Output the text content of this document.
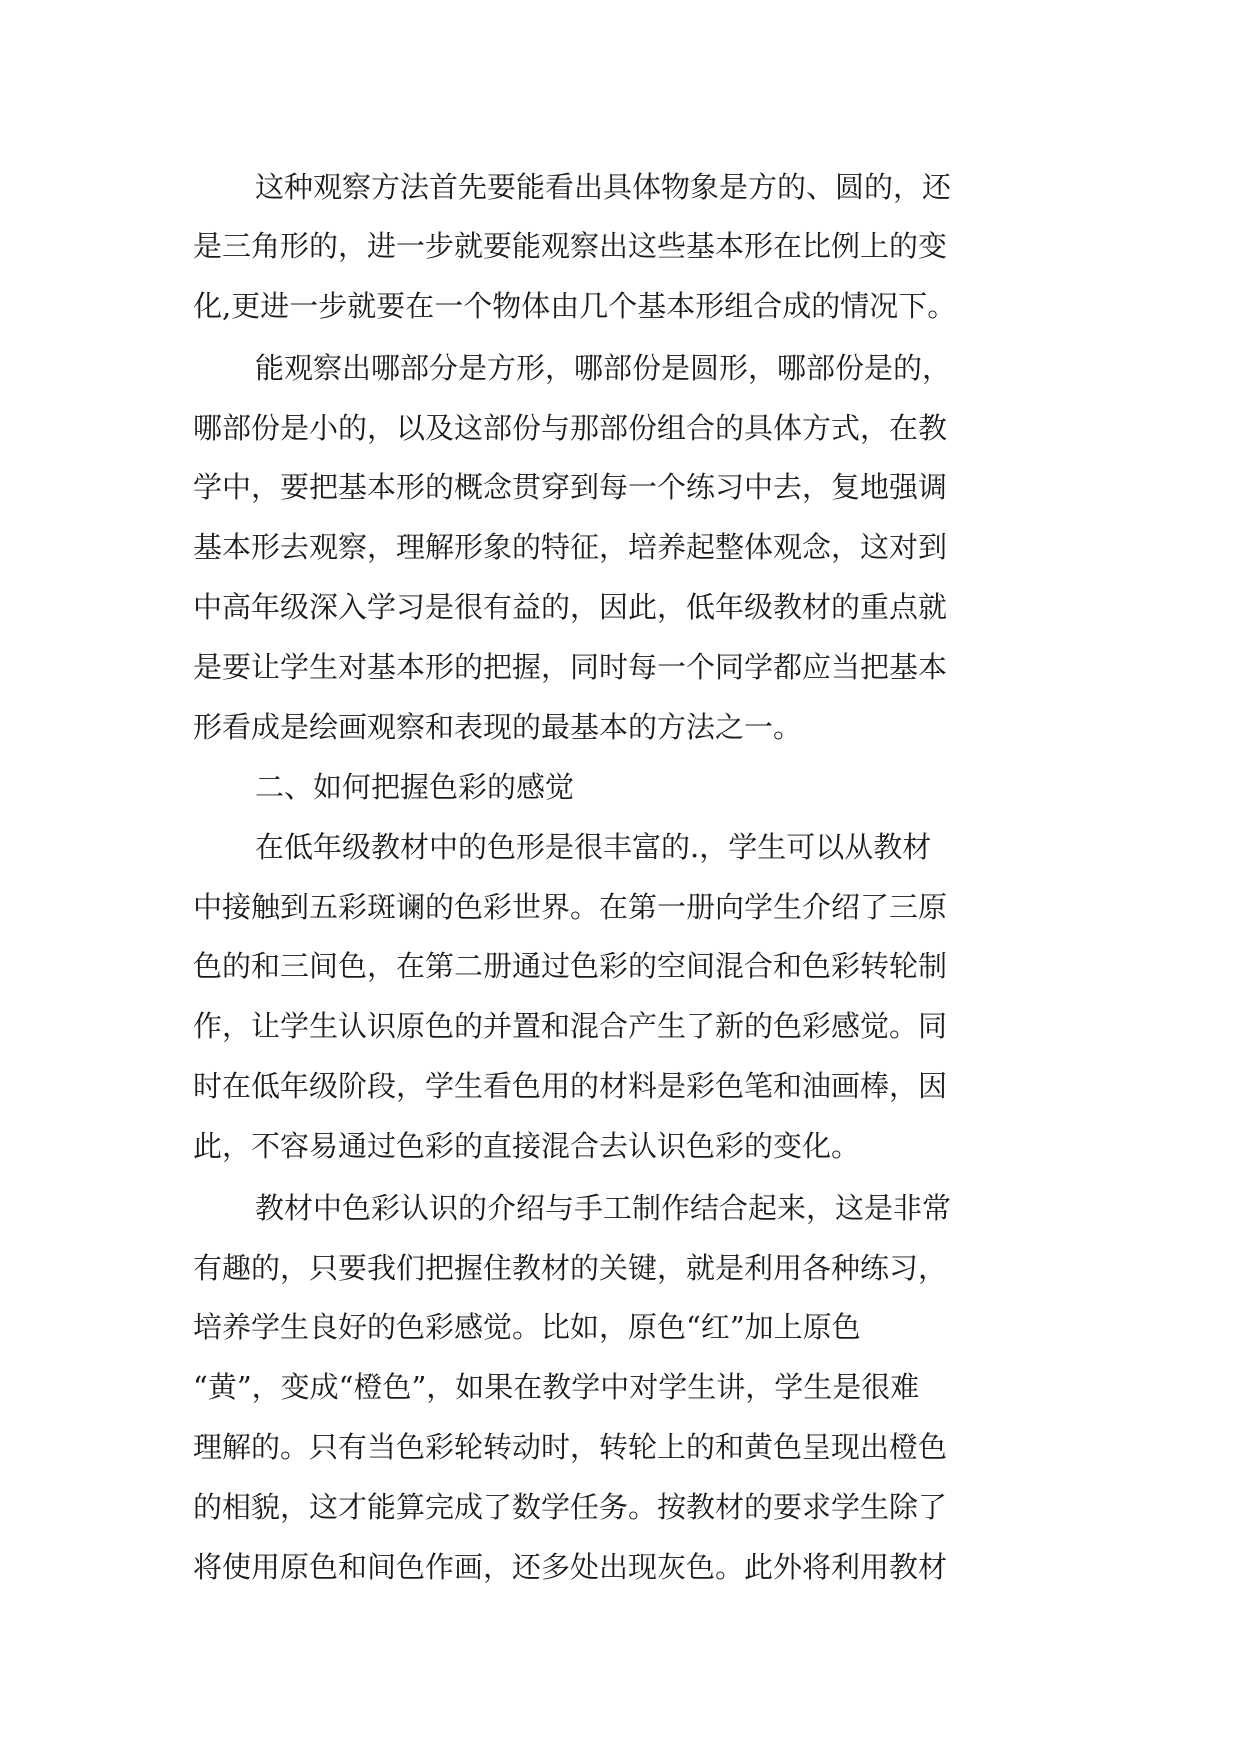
这种观察方法首先要能看出具体物象是方的、圆的，还
是三角形的，进一步就要能观察出这些基本形在比例上的变
化,更进一步就要在一个物体由几个基本形组合成的情况下。
能观察出哪部分是方形，哪部份是圆形，哪部份是的，
哪部份是小的，以及这部份与那部份组合的具体方式，在教
学中，要把基本形的概念贯穿到每一个练习中去，复地强调
基本形去观察，理解形象的特征，培养起整体观念，这对到
中高年级深入学习是很有益的，因此，低年级教材的重点就
是要让学生对基本形的把握，同时每一个同学都应当把基本
形看成是绘画观察和表现的最基本的方法之一。
二、如何把握色彩的感觉
在低年级教材中的色形是很丰富的.，学生可以从教材
中接触到五彩斑谰的色彩世界。在第一册向学生介绍了三原
色的和三间色，在第二册通过色彩的空间混合和色彩转轮制
作，让学生认识原色的并置和混合产生了新的色彩感觉。同
时在低年级阶段，学生看色用的材料是彩色笔和油画棒，因
此，不容易通过色彩的直接混合去认识色彩的变化。
教材中色彩认识的介绍与手工制作结合起来，这是非常
有趣的，只要我们把握住教材的关键，就是利用各种练习，
培养学生良好的色彩感觉。比如，原色“红”加上原色
“黄”，变成“橙色”，如果在教学中对学生讲，学生是很难
理解的。只有当色彩轮转动时，转轮上的和黄色呈现出橙色
的相貌，这才能算完成了数学任务。按教材的要求学生除了
将使用原色和间色作画，还多处出现灰色。此外将利用教材
